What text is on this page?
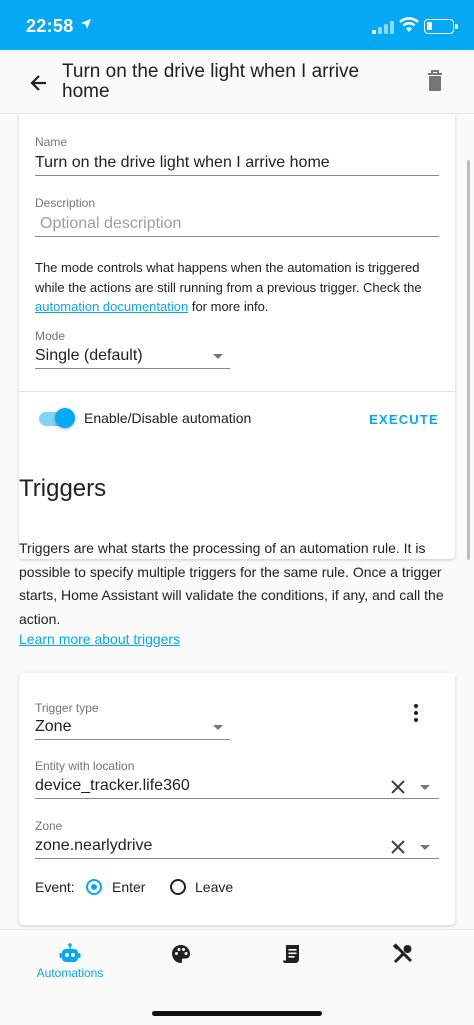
22:58
Turn on the drive light when I arrive home
Name
Turn on the drive light when I arrive home
Description
Optional description
The mode controls what happens when the automation is triggered while the actions are still running from a previous trigger. Check the automation documentation for more info.
Mode
Single (default)
Enable/Disable automation	EXECUTE
Triggers
Triggers are what starts the processing of an automation rule. It is possible to specify multiple triggers for the same rule. Once a trigger starts, Home Assistant will validate the conditions, if any, and call the action.
Learn more about triggers
Trigger type
Zone
Entity with location
device_tracker.life360
Zone
zone.nearlydrive
Event:	Enter	Leave
Automations
